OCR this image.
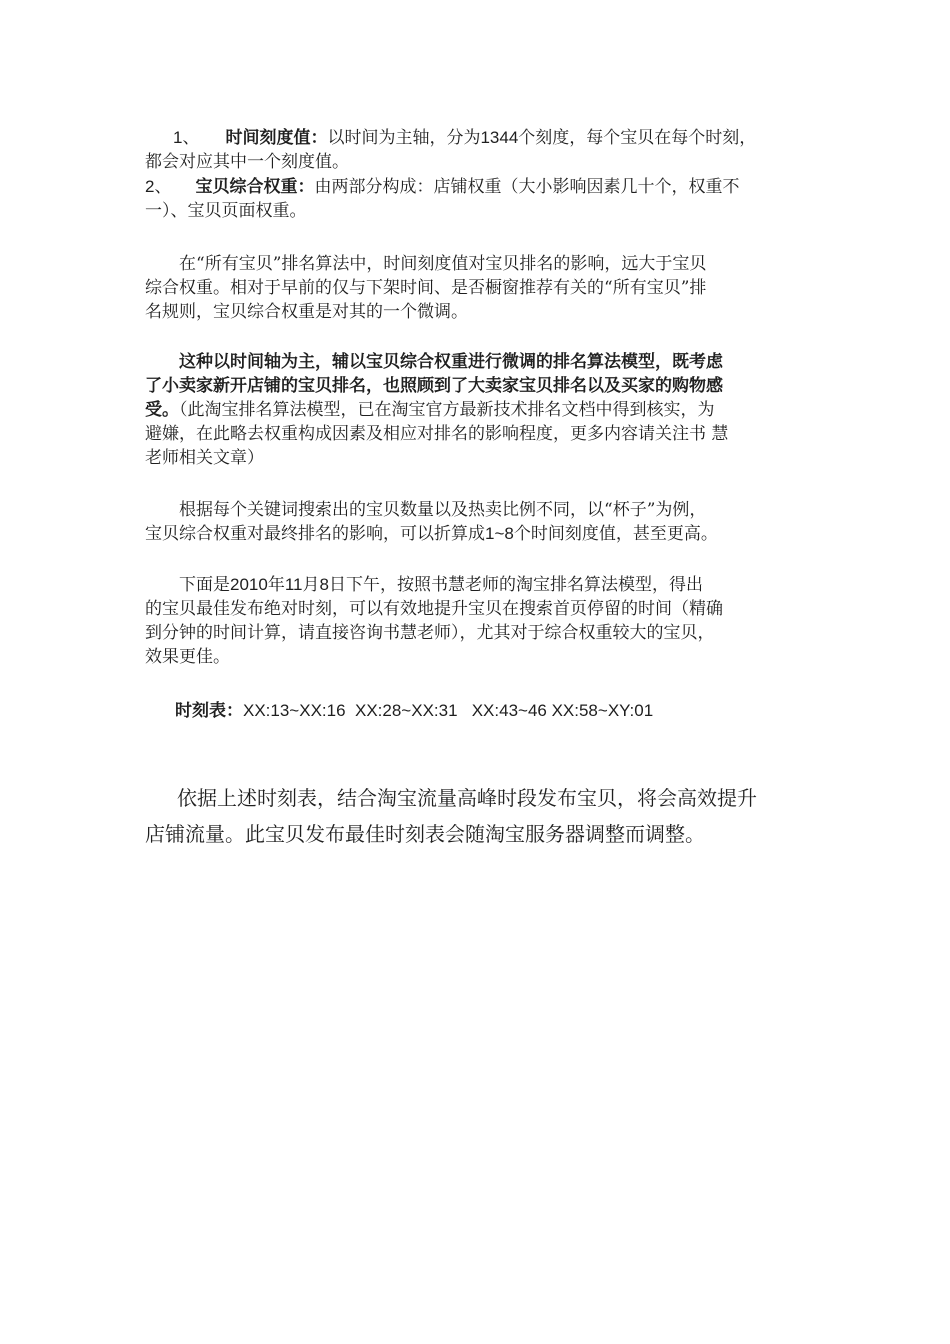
1、 时间刻度值：以时间为主轴，分为1344个刻度，每个宝贝在每个时刻，
都会对应其中一个刻度值。
2、 宝贝综合权重：由两部分构成：店铺权重（大小影响因素几十个，权重不
一）、宝贝页面权重。
在“所有宝贝”排名算法中，时间刻度值对宝贝排名的影响，远大于宝贝
综合权重。相对于早前的仅与下架时间、是否橱窗推荐有关的“所有宝贝”排
名规则，宝贝综合权重是对其的一个微调。
这种以时间轴为主，辅以宝贝综合权重进行微调的排名算法模型，既考虑
了小卖家新开店铺的宝贝排名，也照顾到了大卖家宝贝排名以及买家的购物感
受。（此淘宝排名算法模型，已在淘宝官方最新技术排名文档中得到核实，为
避嫌，在此略去权重构成因素及相应对排名的影响程度，更多内容请关注书 慧
老师相关文章）
根据每个关键词搜索出的宝贝数量以及热卖比例不同，以“杯子”为例，
宝贝综合权重对最终排名的影响，可以折算成1~8个时间刻度值，甚至更高。
下面是2010年11月8日下午，按照书慧老师的淘宝排名算法模型，得出
的宝贝最佳发布绝对时刻，可以有效地提升宝贝在搜索首页停留的时间（精确
到分钟的时间计算，请直接咨询书慧老师），尤其对于综合权重较大的宝贝，
效果更佳。
时刻表：XX:13~XX:16  XX:28~XX:31   XX:43~46 XX:58~XY:01
依据上述时刻表，结合淘宝流量高峰时段发布宝贝，将会高效提升
店铺流量。此宝贝发布最佳时刻表会随淘宝服务器调整而调整。
